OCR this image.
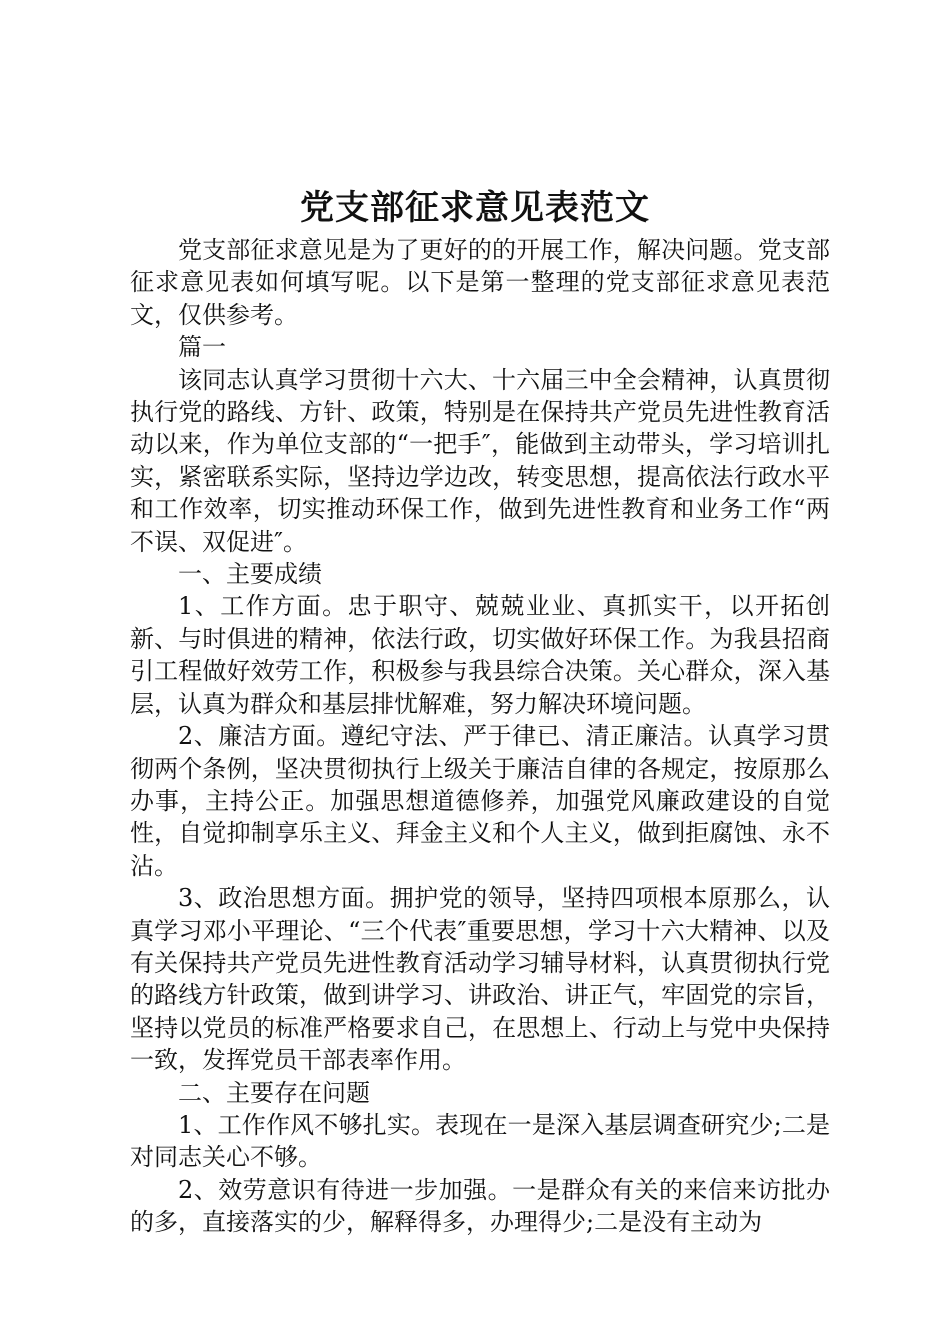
党支部征求意见表范文

党支部征求意见是为了更好的的开展工作，解决问题。党支部征求意见表如何填写呢。以下是第一整理的党支部征求意见表范文，仅供参考。

篇一

该同志认真学习贯彻十六大、十六届三中全会精神，认真贯彻执行党的路线、方针、政策，特别是在保持共产党员先进性教育活动以来，作为单位支部的“一把手″，能做到主动带头，学习培训扎实，紧密联系实际，坚持边学边改，转变思想，提高依法行政水平和工作效率，切实推动环保工作，做到先进性教育和业务工作“两不误、双促进″。

一、主要成绩

1、工作方面。忠于职守、兢兢业业、真抓实干，以开拓创新、与时俱进的精神，依法行政，切实做好环保工作。为我县招商引工程做好效劳工作，积极参与我县综合决策。关心群众，深入基层，认真为群众和基层排忧解难，努力解决环境问题。

2、廉洁方面。遵纪守法、严于律已、清正廉洁。认真学习贯彻两个条例，坚决贯彻执行上级关于廉洁自律的各规定，按原那么办事，主持公正。加强思想道德修养，加强党风廉政建设的自觉性，自觉抑制享乐主义、拜金主义和个人主义，做到拒腐蚀、永不沾。

3、政治思想方面。拥护党的领导，坚持四项根本原那么，认真学习邓小平理论、“三个代表″重要思想，学习十六大精神、以及有关保持共产党员先进性教育活动学习辅导材料，认真贯彻执行党的路线方针政策，做到讲学习、讲政治、讲正气，牢固党的宗旨，坚持以党员的标准严格要求自己，在思想上、行动上与党中央保持一致，发挥党员干部表率作用。

二、主要存在问题

1、工作作风不够扎实。表现在一是深入基层调查研究少;二是对同志关心不够。

2、效劳意识有待进一步加强。一是群众有关的来信来访批办的多，直接落实的少，解释得多，办理得少;二是没有主动为
